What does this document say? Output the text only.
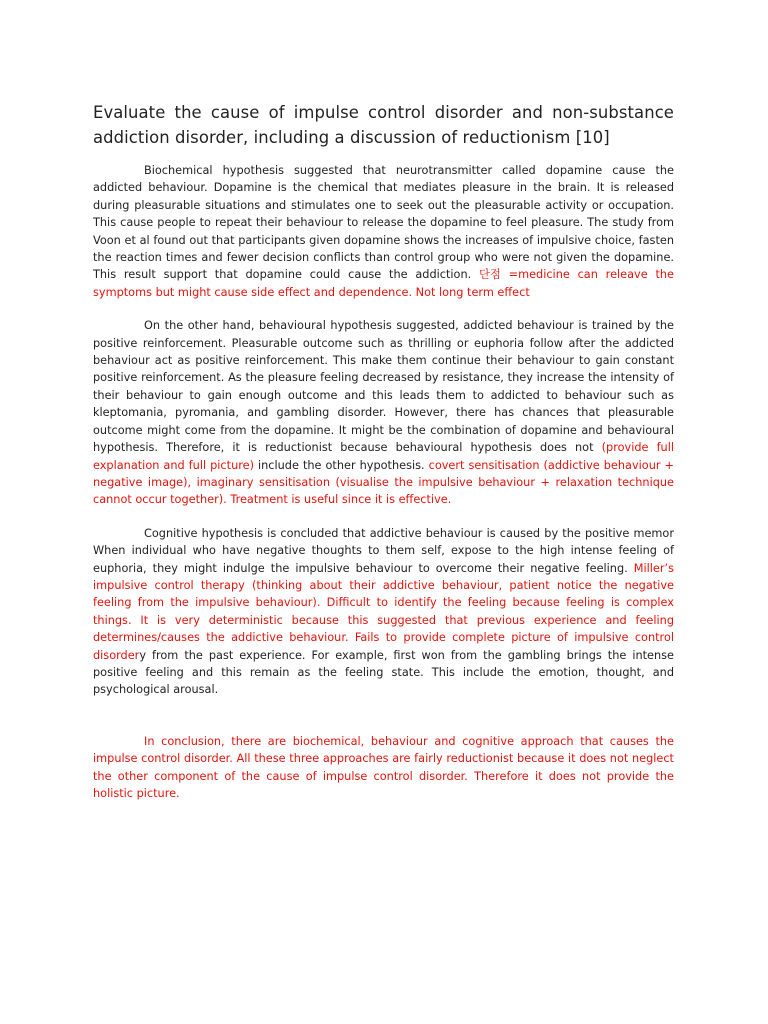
Evaluate the cause of impulse control disorder and non-substance addiction disorder, including a discussion of reductionism [10]

Biochemical hypothesis suggested that neurotransmitter called dopamine cause the addicted behaviour. Dopamine is the chemical that mediates pleasure in the brain. It is released during pleasurable situations and stimulates one to seek out the pleasurable activity or occupation. This cause people to repeat their behaviour to release the dopamine to feel pleasure. The study from Voon et al found out that participants given dopamine shows the increases of impulsive choice, fasten the reaction times and fewer decision conflicts than control group who were not given the dopamine. This result support that dopamine could cause the addiction. 단점 =medicine can releave the symptoms but might cause side effect and dependence. Not long term effect

On the other hand, behavioural hypothesis suggested, addicted behaviour is trained by the positive reinforcement. Pleasurable outcome such as thrilling or euphoria follow after the addicted behaviour act as positive reinforcement. This make them continue their behaviour to gain constant positive reinforcement. As the pleasure feeling decreased by resistance, they increase the intensity of their behaviour to gain enough outcome and this leads them to addicted to behaviour such as kleptomania, pyromania, and gambling disorder. However, there has chances that pleasurable outcome might come from the dopamine. It might be the combination of dopamine and behavioural hypothesis. Therefore, it is reductionist because behavioural hypothesis does not (provide full explanation and full picture) include the other hypothesis. covert sensitisation (addictive behaviour + negative image), imaginary sensitisation (visualise the impulsive behaviour + relaxation technique cannot occur together). Treatment is useful since it is effective.

Cognitive hypothesis is concluded that addictive behaviour is caused by the positive memor When individual who have negative thoughts to them self, expose to the high intense feeling of euphoria, they might indulge the impulsive behaviour to overcome their negative feeling. Miller’s impulsive control therapy (thinking about their addictive behaviour, patient notice the negative feeling from the impulsive behaviour). Difficult to identify the feeling because feeling is complex things. It is very deterministic because this suggested that previous experience and feeling determines/causes the addictive behaviour. Fails to provide complete picture of impulsive control disordery from the past experience. For example, first won from the gambling brings the intense positive feeling and this remain as the feeling state. This include the emotion, thought, and psychological arousal.

In conclusion, there are biochemical, behaviour and cognitive approach that causes the impulse control disorder. All these three approaches are fairly reductionist because it does not neglect the other component of the cause of impulse control disorder. Therefore it does not provide the holistic picture.
